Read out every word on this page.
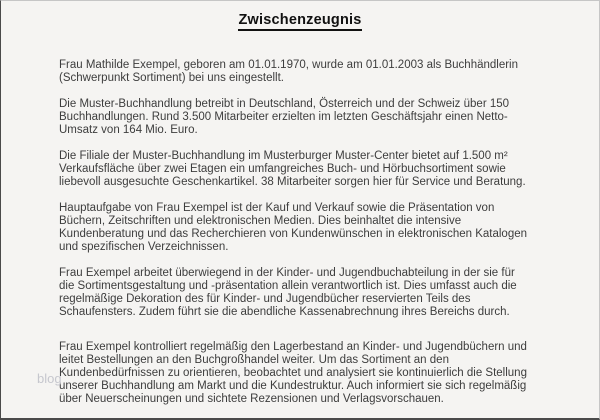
blog
Zwischenzeugnis

Frau Mathilde Exempel, geboren am 01.01.1970, wurde am 01.01.2003 als Buchhändlerin
(Schwerpunkt Sortiment) bei uns eingestellt.

Die Muster-Buchhandlung betreibt in Deutschland, Österreich und der Schweiz über 150
Buchhandlungen. Rund 3.500 Mitarbeiter erzielten im letzten Geschäftsjahr einen Netto-
Umsatz von 164 Mio. Euro.

Die Filiale der Muster-Buchhandlung im Musterburger Muster-Center bietet auf 1.500 m²
Verkaufsfläche über zwei Etagen ein umfangreiches Buch- und Hörbuchsortiment sowie
liebevoll ausgesuchte Geschenkartikel. 38 Mitarbeiter sorgen hier für Service und Beratung.

Hauptaufgabe von Frau Exempel ist der Kauf und Verkauf sowie die Präsentation von
Büchern, Zeitschriften und elektronischen Medien. Dies beinhaltet die intensive
Kundenberatung und das Recherchieren von Kundenwünschen in elektronischen Katalogen
und spezifischen Verzeichnissen.

Frau Exempel arbeitet überwiegend in der Kinder- und Jugendbuchabteilung in der sie für
die Sortimentsgestaltung und -präsentation allein verantwortlich ist. Dies umfasst auch die
regelmäßige Dekoration des für Kinder- und Jugendbücher reservierten Teils des
Schaufensters. Zudem führt sie die abendliche Kassenabrechnung ihres Bereichs durch.

Frau Exempel kontrolliert regelmäßig den Lagerbestand an Kinder- und Jugendbüchern und
leitet Bestellungen an den Buchgroßhandel weiter. Um das Sortiment an den
Kundenbedürfnissen zu orientieren, beobachtet und analysiert sie kontinuierlich die Stellung
unserer Buchhandlung am Markt und die Kundestruktur. Auch informiert sie sich regelmäßig
über Neuerscheinungen und sichtete Rezensionen und Verlagsvorschauen.
